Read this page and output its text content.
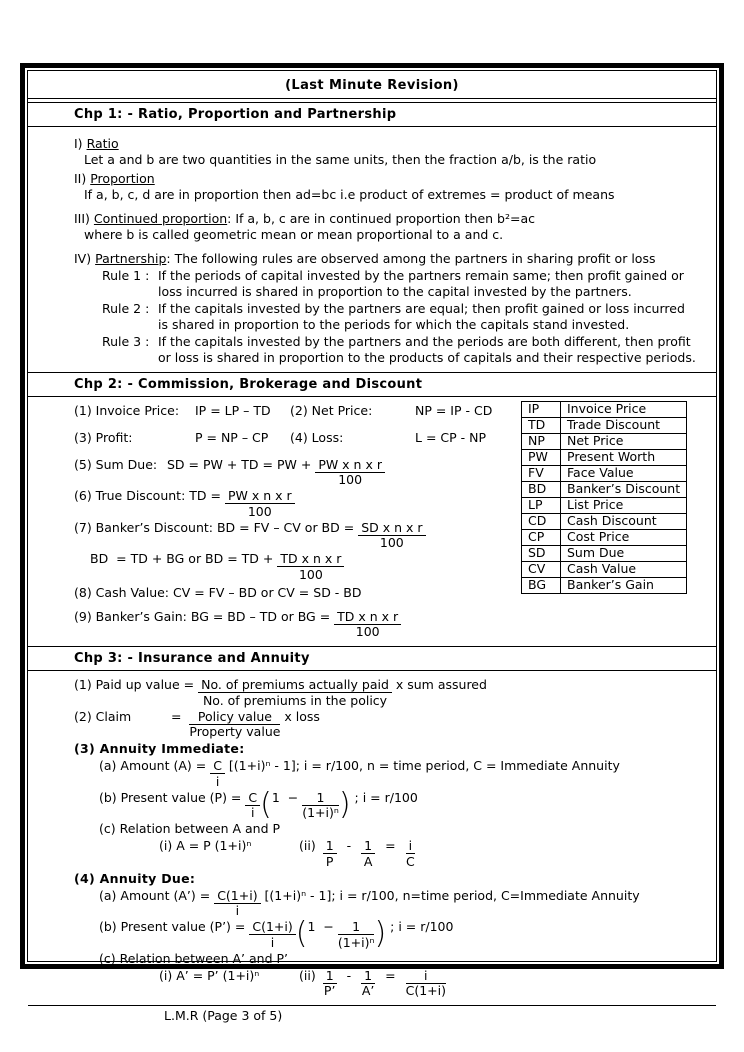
(Last Minute Revision)
Chp 1: - Ratio, Proportion and Partnership

I) Ratio

Let a and b are two quantities in the same units, then the fraction a/b, is the ratio

II) Proportion

If a, b, c, d are in proportion then ad=bc i.e product of extremes = product of means

III) Continued proportion: If a, b, c are in continued proportion then b²=ac

where b is called geometric mean or mean proportional to a and c.

IV) Partnership: The following rules are observed among the partners in sharing profit or loss

Rule 1 : If the periods of capital invested by the partners remain same; then profit gained or
loss incurred is shared in proportion to the capital invested by the partners.
Rule 2 : If the capitals invested by the partners are equal; then profit gained or loss incurred
is shared in proportion to the periods for which the capitals stand invested.
Rule 3 : If the capitals invested by the partners and the periods are both different, then profit
or loss is shared in proportion to the products of capitals and their respective periods.
Chp 2: - Commission, Brokerage and Discount
IP	Invoice Price
TD	Trade Discount
NP	Net Price
PW	Present Worth
FV	Face Value
BD	Banker’s Discount
LP	List Price
CD	Cash Discount
CP	Cost Price
SD	Sum Due
CV	Cash Value
BG	Banker’s Gain

(1) Invoice Price: IP = LP – TD (2) Net Price:	NP = IP - CD

(3) Profit:	P = NP – CP (4) Loss:	L = CP - NP

(5) Sum Due: SD = PW + TD = PW + $\frac{\text{PW x n x r}}{100}$

(6) True Discount: TD = $\frac{\text{PW x n x r}}{100}$

(7) Banker’s Discount: BD = FV – CV or BD = $\frac{\text{SD x n x r}}{100}$

BD  = TD + BG or BD = TD + $\frac{\text{TD x n x r}}{100}$

(8) Cash Value: CV = FV – BD or CV = SD - BD

(9) Banker’s Gain: BG = BD – TD or BG = $\frac{\text{TD x n x r}}{100}$

Chp 3: - Insurance and Annuity

(1) Paid up value = $\frac{\text{No. of premiums actually paid}}{\text{No. of premiums in the policy}}$ x sum assured

(2) Claim	= $\frac{\text{Policy value}}{\text{Property value}}$ x loss

(3) Annuity Immediate:

(a) Amount $(A) = \frac{C}{i} [(1+i)^n - 1]$; i = r/100, n = time period, C = Immediate Annuity

(b) Present value $(P) = \frac{C}{i} (1 - \frac{1}{\text{(1+i)ⁿ}}$ ) ; i = r/100

(c) Relation between A and P

(i) A = P (1+i)ⁿ	$(ii) \frac{1}{P} - \frac{1}{A} = \frac{i}{C}$

(4) Annuity Due:

(a) Amount (A’) = $\frac{C(1+i)}{i} [(1+i)^n - 1]$; i = r/100, n=time period, C=Immediate Annuity

(b) Present value (P’) = $\frac{C(1+i)}{i} (1 - \frac{1}{\text{(1+i)ⁿ}}$ ) ; i = r/100

(c) Relation between A’ and P’

(i) A’ = P’ (1+i)ⁿ	$(ii) \frac{1}{P’} - \frac{1}{A’} = \frac{i}{C(1+i)}$

L.M.R (Page 3 of 5)
